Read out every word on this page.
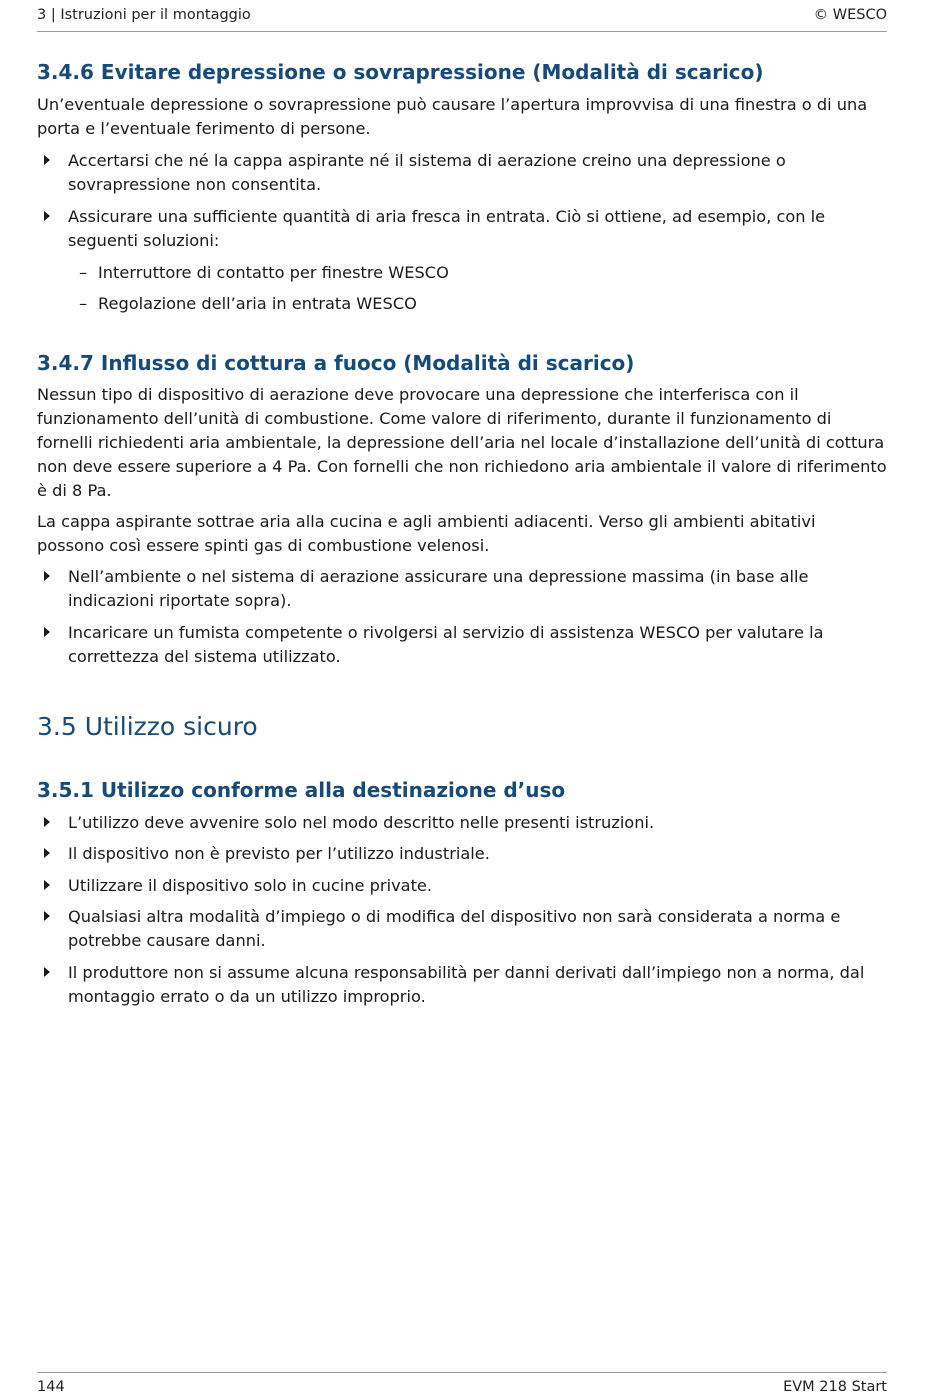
3 | Istruzioni per il montaggio	© WESCO
3.4.6 Evitare depressione o sovrapressione (Modalità di scarico)

Un’eventuale depressione o sovrapressione può causare l’apertura improvvisa di una finestra o di una porta e l’eventuale ferimento di persone.

Accertarsi che né la cappa aspirante né il sistema di aerazione creino una depressione o sovrapressione non consentita.
Assicurare una sufficiente quantità di aria fresca in entrata. Ciò si ottiene, ad esempio, con le seguenti soluzioni:
– Interruttore di contatto per finestre WESCO
– Regolazione dell’aria in entrata WESCO
3.4.7 Influsso di cottura a fuoco (Modalità di scarico)

Nessun tipo di dispositivo di aerazione deve provocare una depressione che interferisca con il funzionamento dell’unità di combustione. Come valore di riferimento, durante il funzionamento di fornelli richiedenti aria ambientale, la depressione dell’aria nel locale d’installazione dell’unità di cottura non deve essere superiore a 4 Pa. Con fornelli che non richiedono aria ambientale il valore di riferimento è di 8 Pa.

La cappa aspirante sottrae aria alla cucina e agli ambienti adiacenti. Verso gli ambienti abitativi possono così essere spinti gas di combustione velenosi.

Nell’ambiente o nel sistema di aerazione assicurare una depressione massima (in base alle indicazioni riportate sopra).
Incaricare un fumista competente o rivolgersi al servizio di assistenza WESCO per valutare la correttezza del sistema utilizzato.
3.5 Utilizzo sicuro
3.5.1 Utilizzo conforme alla destinazione d’uso
L’utilizzo deve avvenire solo nel modo descritto nelle presenti istruzioni.
Il dispositivo non è previsto per l’utilizzo industriale.
Utilizzare il dispositivo solo in cucine private.
Qualsiasi altra modalità d’impiego o di modifica del dispositivo non sarà considerata a norma e potrebbe causare danni.
Il produttore non si assume alcuna responsabilità per danni derivati dall’impiego non a norma, dal montaggio errato o da un utilizzo improprio.
144	EVM 218 Start
